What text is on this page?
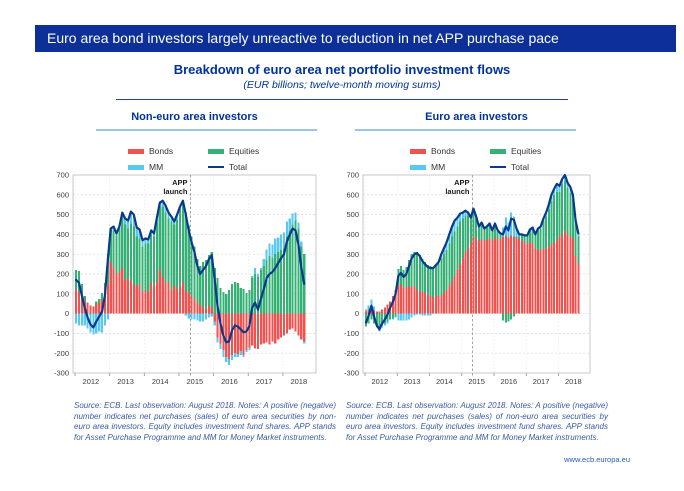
Euro area bond investors largely unreactive to reduction in net APP purchase pace
Breakdown of euro area net portfolio investment flows
(EUR billions; twelve-month moving sums)
Non-euro area investors
Bonds	Equities
MM	Total
-300
-200
-100
0
100
200
300
400
500
600
700
2012 2013 2014 2015 2016 2017 2018
APP
launch
Euro area investors
Bonds	Equities
MM	Total
-300
-200
-100
0
100
200
300
400
500
600
700
2012 2013 2014 2015 2016 2017 2018
APP
launch
Source: ECB. Last observation: August 2018. Notes: A positive (negative) number indicates net purchases (sales) of euro area securities by non-euro area investors. Equity includes investment fund shares. APP stands for Asset Purchase Programme and MM for Money Market instruments.
Source: ECB. Last observation: August 2018. Notes: A positive (negative) number indicates net purchases (sales) of non-euro area securities by euro area investors. Equity includes investment fund shares. APP stands for Asset Purchase Programme and MM for Money Market instruments.
www.ecb.europa.eu
